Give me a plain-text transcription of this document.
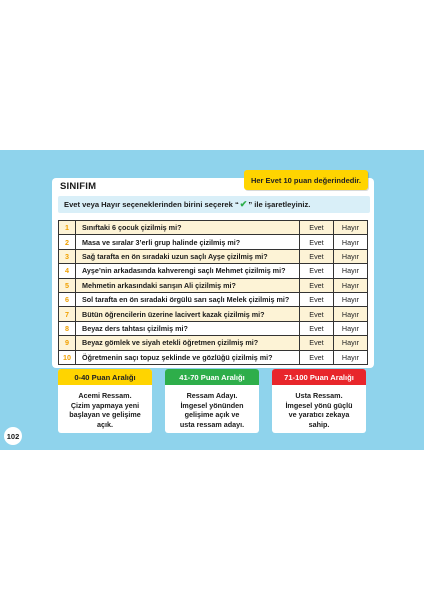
Her Evet 10 puan değerindedir.
SINIFIM
Evet veya Hayır seçeneklerinden birini seçerek “ ✔ ” ile işaretleyiniz.
1	Sınıftaki 6 çocuk çizilmiş mi?	Evet	Hayır
2	Masa ve sıralar 3’erli grup halinde çizilmiş mi?	Evet	Hayır
3	Sağ tarafta en ön sıradaki uzun saçlı Ayşe çizilmiş mi?	Evet	Hayır
4	Ayşe’nin arkadasında kahverengi saçlı Mehmet çizilmiş mi?	Evet	Hayır
5	Mehmetin arkasındaki sarışın Ali çizilmiş mi?	Evet	Hayır
6	Sol tarafta en ön sıradaki örgülü sarı saçlı Melek çizilmiş mi?	Evet	Hayır
7	Bütün öğrencilerin üzerine lacivert kazak çizilmiş mi?	Evet	Hayır
8	Beyaz ders tahtası çizilmiş mi?	Evet	Hayır
9	Beyaz gömlek ve siyah etekli öğretmen çizilmiş mi?	Evet	Hayır
10	Öğretmenin saçı topuz şeklinde ve gözlüğü çizilmiş mi?	Evet	Hayır
0-40 Puan Aralığı
Acemi Ressam.
Çizim yapmaya yeni
başlayan ve gelişime
açık.
41-70 Puan Aralığı
Ressam Adayı.
İmgesel yönünden
gelişime açık ve
usta ressam adayı.
71-100 Puan Aralığı
Usta Ressam.
İmgesel yönü güçlü
ve yaratıcı zekaya
sahip.
102
